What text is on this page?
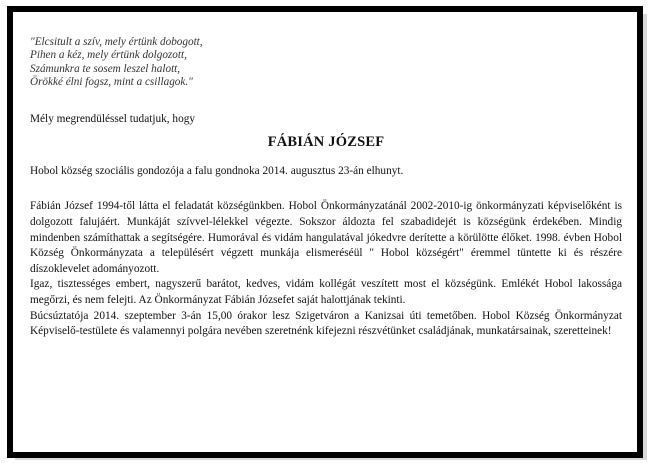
"Elcsitult a szív, mely értünk dobogott,
Pihen a kéz, mely értünk dolgozott,
Számunkra te sosem leszel halott,
Örökké élni fogsz, mint a csillagok."
Mély megrendüléssel tudatjuk, hogy
FÁBIÁN JÓZSEF
Hobol község szociális gondozója a falu gondnoka 2014. augusztus 23-án elhunyt.

Fábián József 1994-től látta el feladatát községünkben. Hobol Önkormányzatánál 2002-2010-ig önkormányzati képviselőként is dolgozott falujáért. Munkáját szívvel-lélekkel végezte. Sokszor áldozta fel szabadidejét is községünk érdekében. Mindig mindenben számíthattak a segítségére. Humorával és vidám hangulatával jókedvre derítette a körülötte élőket. 1998. évben Hobol Község Önkormányzata a településért végzett munkája elismeréséül " Hobol községért" éremmel tüntette ki és részére díszoklevelet adományozott.

Igaz, tisztességes embert, nagyszerű barátot, kedves, vidám kollégát veszített most el községünk. Emlékét Hobol lakossága megőrzi, és nem felejti. Az Önkormányzat Fábián Józsefet saját halottjának tekinti.

Búcsúztatója 2014. szeptember 3-án 15,00 órakor lesz Szigetváron a Kanizsai úti temetőben. Hobol Község Önkormányzat Képviselő-testülete és valamennyi polgára nevében szeretnénk kifejezni részvétünket családjának, munkatársainak, szeretteinek!
